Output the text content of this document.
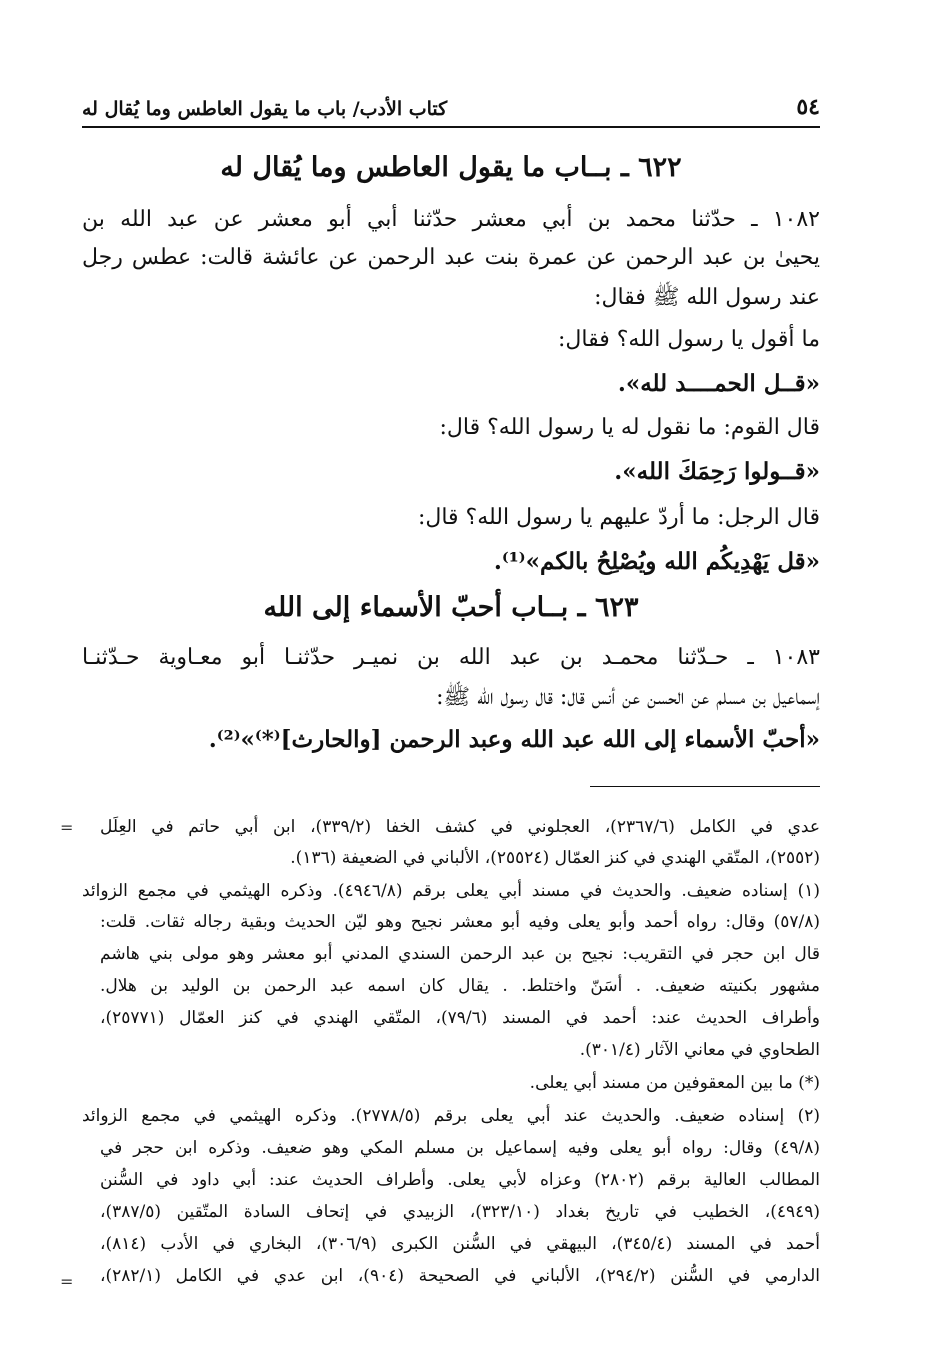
٥٤
كتاب الأدب/ باب ما يقول العاطس وما يُقال له
٦٢٢ ـ بــاب ما يقول العاطس وما يُقال له
١٠٨٢ ـ حدّثنا محمد بن أبي معشر حدّثنا أبي أبو معشر عن عبد الله بن
يحيىٰ بن عبد الرحمن عن عمرة بنت عبد الرحمن عن عائشة قالت: عطس رجل
عند رسول الله ﷺ فقال:
ما أقول يا رسول الله؟ فقال:
«قــل الحمــــد لله».
قال القوم: ما نقول له يا رسول الله؟ قال:
«قــولوا رَحِمَكَ الله».
قال الرجل: ما أردّ عليهم يا رسول الله؟ قال:
«قل يَهْدِيكُم الله ويُصْلِحُ بالكم»⁽¹⁾.
٦٢٣ ـ بــاب أحبّ الأسماء إلى الله
١٠٨٣ ـ حـدّثنا محمـد بن عبد الله بن نميـر حدّثنـا أبو معـاوية حـدّثنـا
إسماعيل بن مسلم عن الحسن عن أنس قال: قال رسول الله ﷺ:
«أحبّ الأسماء إلى الله عبد الله وعبد الرحمن [والحارث]⁽*⁾»⁽²⁾.
عدي في الكامل (٢٣٦٧/٦)، العجلوني في كشف الخفا (٣٣٩/٢)، ابن أبي حاتم في العِلَل
(٢٥٥٢)، المتّقي الهندي في كنز العمّال (٢٥٥٢٤)، الألباني في الضعيفة (١٣٦).
(١) إسناده ضعيف. والحديث في مسند أبي يعلى برقم (٤٩٤٦/٨). وذكره الهيثمي في مجمع الزوائد
(٥٧/٨) وقال: رواه أحمد وأبو يعلى وفيه أبو معشر نجيح وهو ليّن الحديث وبقية رجاله ثقات. قلت:
قال ابن حجر في التقريب: نجيح بن عبد الرحمن السندي المدني أبو معشر وهو مولى بني هاشم
مشهور بكنيته ضعيف. . أسَنّ واختلط. . يقال كان اسمه عبد الرحمن بن الوليد بن هلال.
وأطراف الحديث عند: أحمد في المسند (٧٩/٦)، المتّقي الهندي في كنز العمّال (٢٥٧٧١)،
الطحاوي في معاني الآثار (٣٠١/٤).
(*) ما بين المعقوفين من مسند أبي يعلى.
(٢) إسناده ضعيف. والحديث عند أبي يعلى برقم (٢٧٧٨/٥). وذكره الهيثمي في مجمع الزوائد
(٤٩/٨) وقال: رواه أبو يعلى وفيه إسماعيل بن مسلم المكي وهو ضعيف. وذكره ابن حجر في
المطالب العالية برقم (٢٨٠٢) وعزاه لأبي يعلى. وأطراف الحديث عند: أبي داود في السُّنن
(٤٩٤٩)، الخطيب في تاريخ بغداد (٣٢٣/١٠)، الزبيدي في إتحاف السادة المتّقين (٣٨٧/٥)،
أحمد في المسند (٣٤٥/٤)، البيهقي في السُّنن الكبرى (٣٠٦/٩)، البخاري في الأدب (٨١٤)،
الدارمي في السُّنن (٢٩٤/٢)، الألباني في الصحيحة (٩٠٤)، ابن عدي في الكامل (٢٨٢/١)،
=
=
